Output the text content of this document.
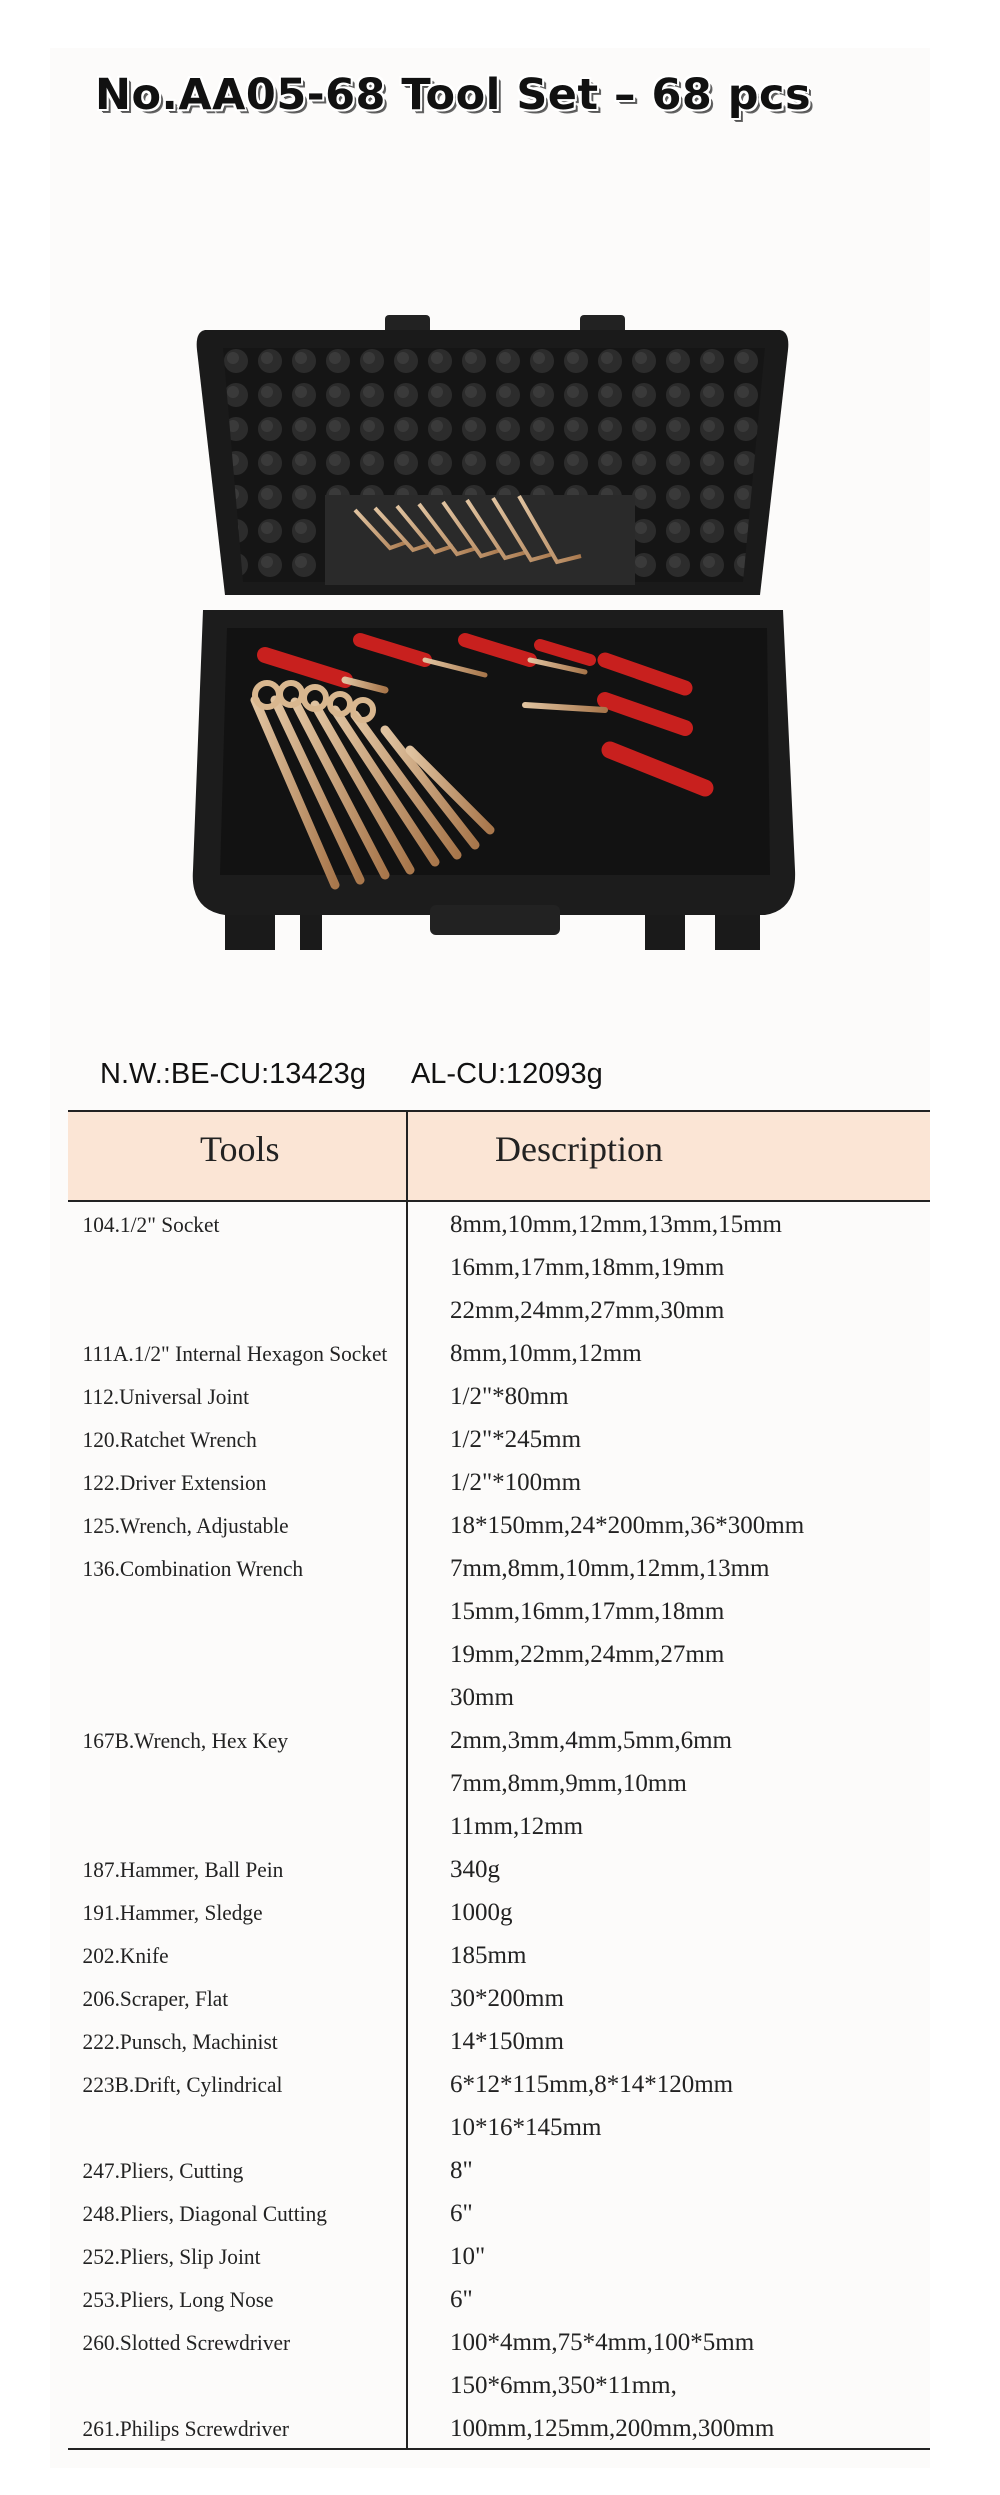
No.AA05-68 Tool Set – 68 pcs
N.W.:BE-CU:13423g AL-CU:12093g
Tools	Description
104.1/2" Socket	8mm,10mm,12mm,13mm,15mm
16mm,17mm,18mm,19mm
22mm,24mm,27mm,30mm
111A.1/2" Internal Hexagon Socket	8mm,10mm,12mm
112.Universal Joint	1/2"*80mm
120.Ratchet Wrench	1/2"*245mm
122.Driver Extension	1/2"*100mm
125.Wrench, Adjustable	18*150mm,24*200mm,36*300mm
136.Combination Wrench	7mm,8mm,10mm,12mm,13mm
15mm,16mm,17mm,18mm
19mm,22mm,24mm,27mm
30mm
167B.Wrench, Hex Key	2mm,3mm,4mm,5mm,6mm
7mm,8mm,9mm,10mm
11mm,12mm
187.Hammer, Ball Pein	340g
191.Hammer, Sledge	1000g
202.Knife	185mm
206.Scraper, Flat	30*200mm
222.Punsch, Machinist	14*150mm
223B.Drift, Cylindrical	6*12*115mm,8*14*120mm
10*16*145mm
247.Pliers, Cutting	8"
248.Pliers, Diagonal Cutting	6"
252.Pliers, Slip Joint	10"
253.Pliers, Long Nose	6"
260.Slotted Screwdriver	100*4mm,75*4mm,100*5mm
150*6mm,350*11mm,
261.Philips Screwdriver	100mm,125mm,200mm,300mm
